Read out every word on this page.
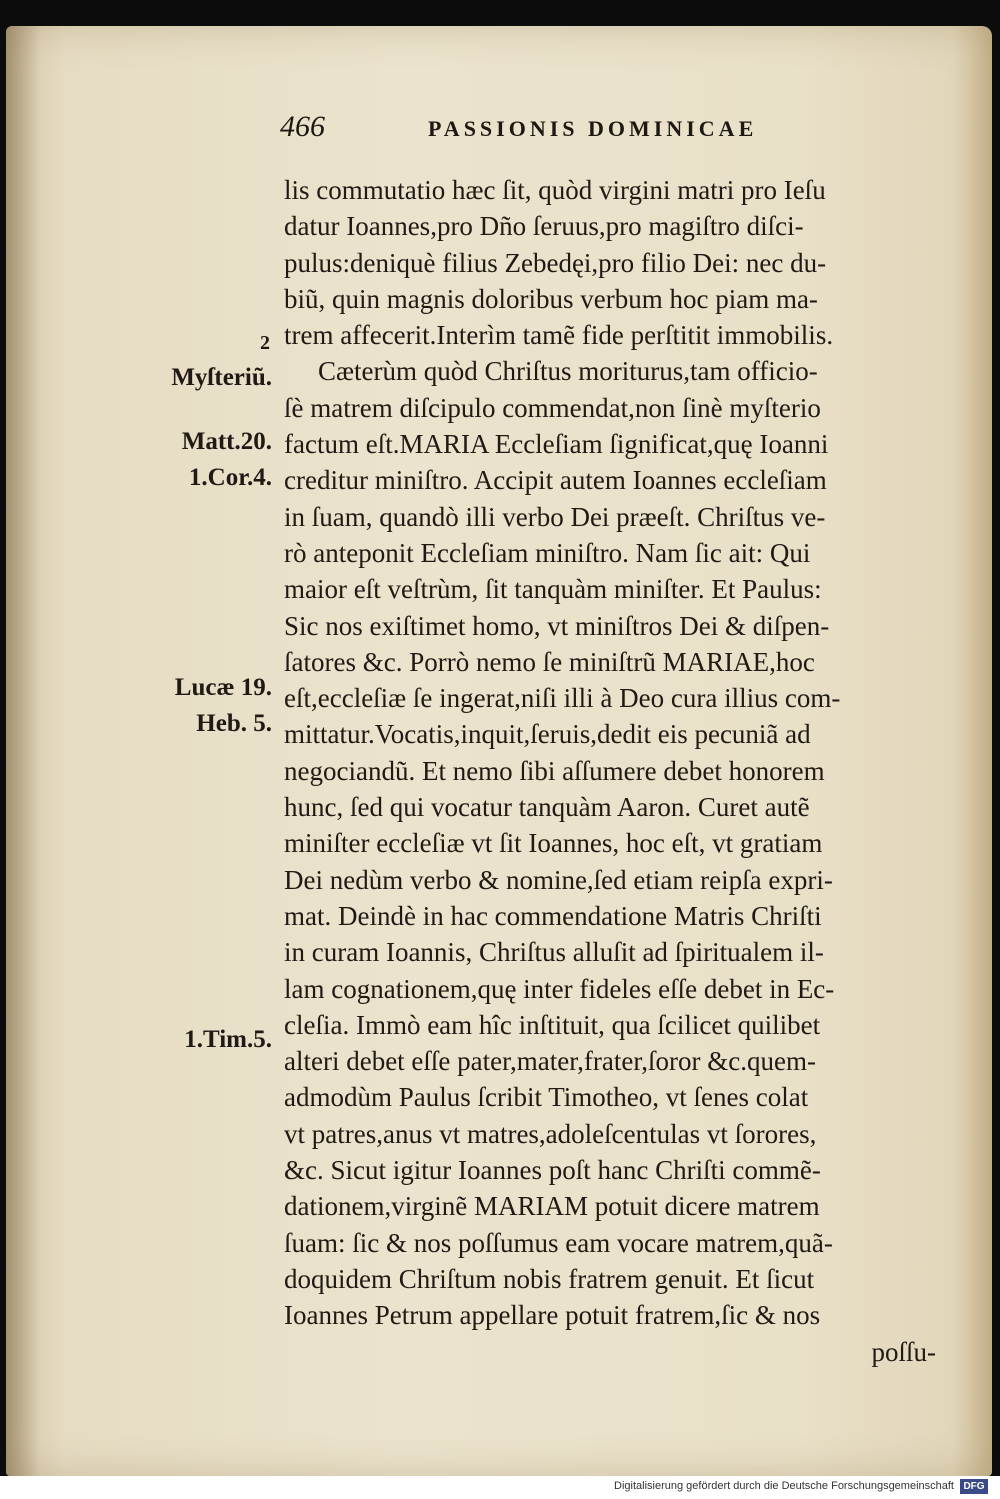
466	PASSIONIS DOMINICAE
2
Myſteriũ.
Matt.20.
1.Cor.4.
Lucæ 19.
Heb. 5.
1.Tim.5.
lis commutatio hæc ſit, quòd virgini matri pro Ieſu
datur Ioannes,pro Dño ſeruus,pro magiſtro diſci-
pulus:deniquè filius Zebedęi,pro filio Dei: nec du-
biũ, quin magnis doloribus verbum hoc piam ma-
trem affecerit.Interìm tamẽ fide perſtitit immobilis.
Cæterùm quòd Chriſtus moriturus,tam officio-
ſè matrem diſcipulo commendat,non ſinè myſterio
factum eſt.MARIA Eccleſiam ſignificat,quę Ioanni
creditur miniſtro. Accipit autem Ioannes eccleſiam
in ſuam, quandò illi verbo Dei præeſt. Chriſtus ve-
rò anteponit Eccleſiam miniſtro. Nam ſic ait: Qui
maior eſt veſtrùm, ſit tanquàm miniſter. Et Paulus:
Sic nos exiſtimet homo, vt miniſtros Dei & diſpen-
ſatores &c. Porrò nemo ſe miniſtrũ MARIAE,hoc
eſt,eccleſiæ ſe ingerat,niſi illi à Deo cura illius com-
mittatur.Vocatis,inquit,ſeruis,dedit eis pecuniã ad
negociandũ. Et nemo ſibi aſſumere debet honorem
hunc, ſed qui vocatur tanquàm Aaron. Curet autẽ
miniſter eccleſiæ vt ſit Ioannes, hoc eſt, vt gratiam
Dei nedùm verbo & nomine,ſed etiam reipſa expri-
mat. Deindè in hac commendatione Matris Chriſti
in curam Ioannis, Chriſtus alluſit ad ſpiritualem il-
lam cognationem,quę inter fideles eſſe debet in Ec-
cleſia. Immò eam hîc inſtituit, qua ſcilicet quilibet
alteri debet eſſe pater,mater,frater,ſoror &c.quem-
admodùm Paulus ſcribit Timotheo, vt ſenes colat
vt patres,anus vt matres,adoleſcentulas vt ſorores,
&c. Sicut igitur Ioannes poſt hanc Chriſti commẽ-
dationem,virginẽ MARIAM potuit dicere matrem
ſuam: ſic & nos poſſumus eam vocare matrem,quã-
doquidem Chriſtum nobis fratrem genuit. Et ſicut
Ioannes Petrum appellare potuit fratrem,ſic & nos
poſſu-
Digitalisierung gefördert durch die Deutsche Forschungsgemeinschaft DFG
